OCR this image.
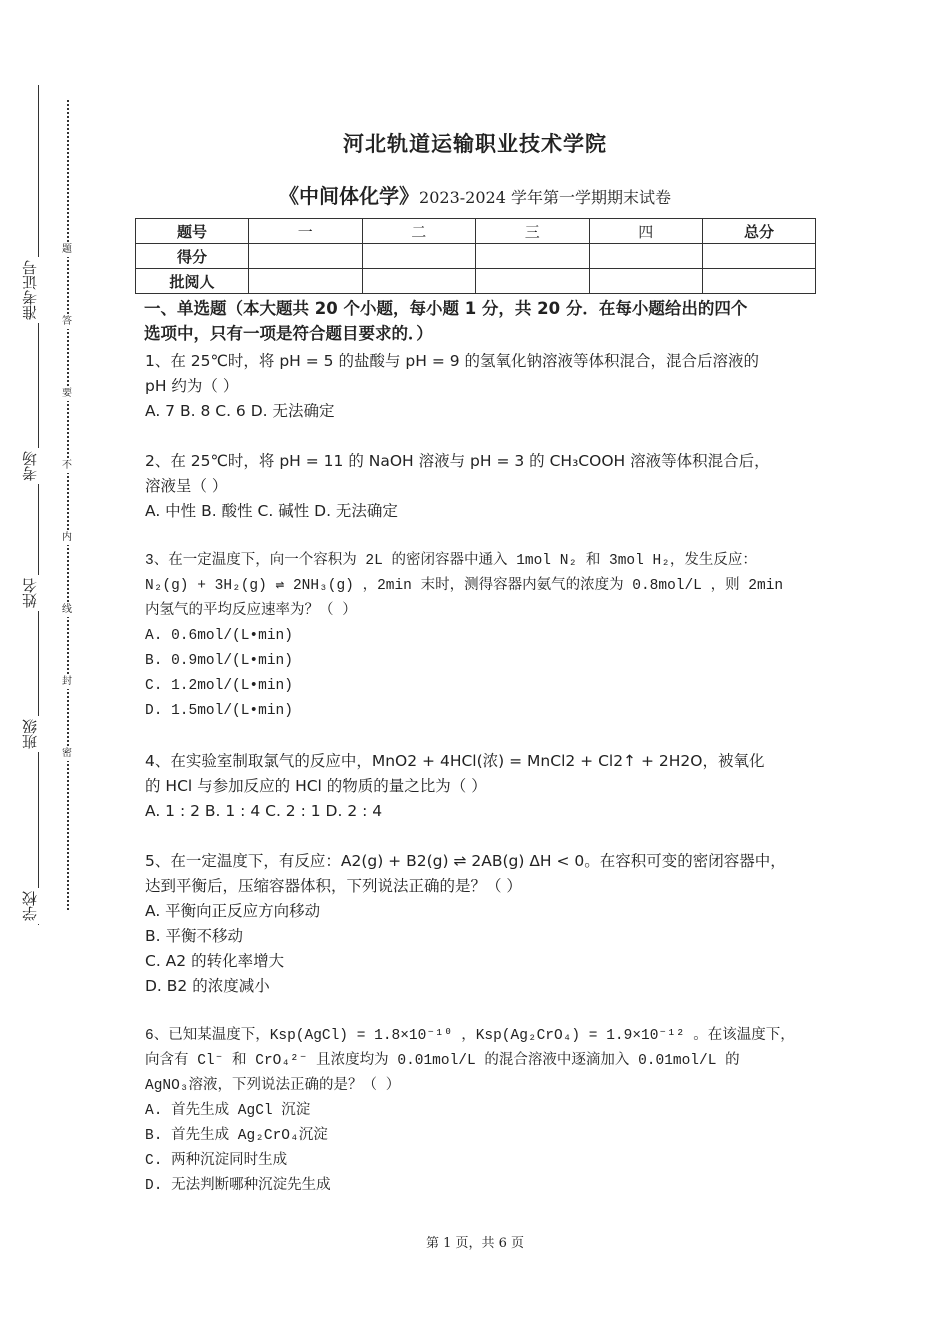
准考证号
考场
姓名
班级
学校
题
答
要
不
内
线
封
密
河北轨道运输职业技术学院
《中间体化学》2023-2024 学年第一学期期末试卷
题号	一	二	三	四	总分
得分					
批阅人					
一、单选题（本大题共 20 个小题，每小题 1 分，共 20 分．在每小题给出的四个
选项中，只有一项是符合题目要求的．）
1、在 25℃时，将 pH = 5 的盐酸与 pH = 9 的氢氧化钠溶液等体积混合，混合后溶液的
pH 约为（ ）
A. 7 B. 8 C. 6 D. 无法确定
2、在 25℃时，将 pH = 11 的 NaOH 溶液与 pH = 3 的 CH₃COOH 溶液等体积混合后，
溶液呈（ ）
A. 中性 B. 酸性 C. 碱性 D. 无法确定
3、在一定温度下，向一个容积为 2L 的密闭容器中通入 1mol N₂ 和 3mol H₂，发生反应：
N₂(g) + 3H₂(g) ⇌ 2NH₃(g) ，2min 末时，测得容器内氨气的浓度为 0.8mol/L ，则 2min
内氢气的平均反应速率为？（ ）
A. 0.6mol/(L•min)
B. 0.9mol/(L•min)
C. 1.2mol/(L•min)
D. 1.5mol/(L•min)
4、在实验室制取氯气的反应中，MnO2 + 4HCl(浓) = MnCl2 + Cl2↑ + 2H2O，被氧化
的 HCl 与参加反应的 HCl 的物质的量之比为（ ）
A. 1 : 2 B. 1 : 4 C. 2 : 1 D. 2 : 4
5、在一定温度下，有反应：A2(g) + B2(g) ⇌ 2AB(g) ΔH < 0。在容积可变的密闭容器中，
达到平衡后，压缩容器体积，下列说法正确的是？（ ）
A. 平衡向正反应方向移动
B. 平衡不移动
C. A2 的转化率增大
D. B2 的浓度减小
6、已知某温度下，Ksp(AgCl) = 1.8×10⁻¹⁰ ，Ksp(Ag₂CrO₄) = 1.9×10⁻¹² 。在该温度下，
向含有 Cl⁻ 和 CrO₄²⁻ 且浓度均为 0.01mol/L 的混合溶液中逐滴加入 0.01mol/L 的
AgNO₃溶液，下列说法正确的是？（ ）
A. 首先生成 AgCl 沉淀
B. 首先生成 Ag₂CrO₄沉淀
C. 两种沉淀同时生成
D. 无法判断哪种沉淀先生成
第 1 页，共 6 页
